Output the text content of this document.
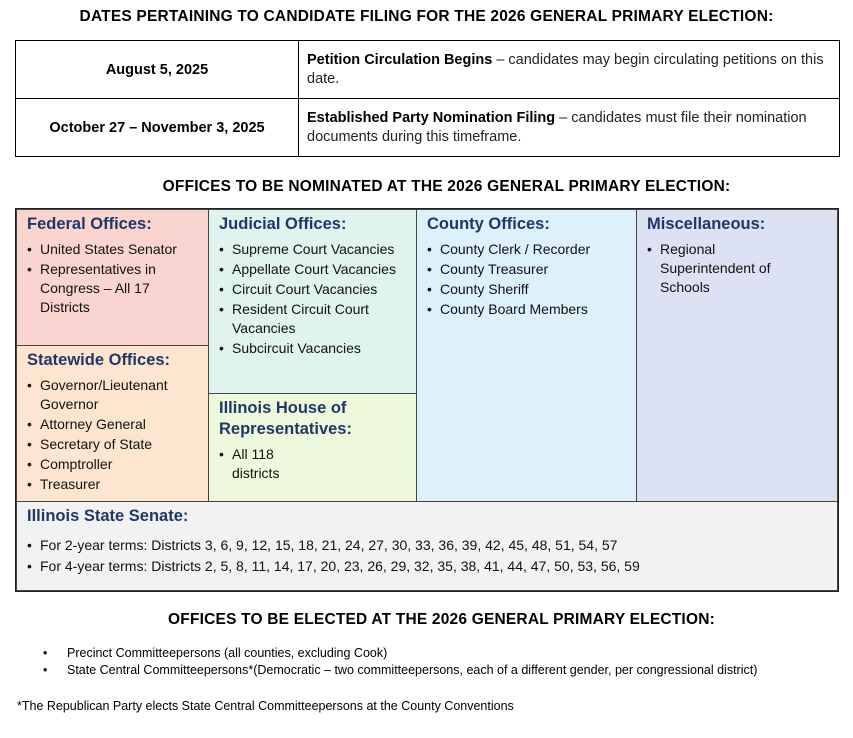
DATES PERTAINING TO CANDIDATE FILING FOR THE 2026 GENERAL PRIMARY ELECTION:
August 5, 2025	Petition Circulation Begins – candidates may begin circulating petitions on this date.
October 27 – November 3, 2025	Established Party Nomination Filing – candidates must file their nomination documents during this timeframe.
OFFICES TO BE NOMINATED AT THE 2026 GENERAL PRIMARY ELECTION:
Federal Offices:
• United States Senator
• Representatives in Congress – All 17 Districts
Statewide Offices:
• Governor/Lieutenant Governor
• Attorney General
• Secretary of State
• Comptroller
• Treasurer
Judicial Offices:
• Supreme Court Vacancies
• Appellate Court Vacancies
• Circuit Court Vacancies
• Resident Circuit Court Vacancies
• Subcircuit Vacancies
Illinois House of Representatives:
• All 118 districts
County Offices:
• County Clerk / Recorder
• County Treasurer
• County Sheriff
• County Board Members
Miscellaneous:
• Regional Superintendent of Schools
Illinois State Senate:
• For 2-year terms: Districts 3, 6, 9, 12, 15, 18, 21, 24, 27, 30, 33, 36, 39, 42, 45, 48, 51, 54, 57
• For 4-year terms: Districts 2, 5, 8, 11, 14, 17, 20, 23, 26, 29, 32, 35, 38, 41, 44, 47, 50, 53, 56, 59
OFFICES TO BE ELECTED AT THE 2026 GENERAL PRIMARY ELECTION:
• Precinct Committeepersons (all counties, excluding Cook)
• State Central Committeepersons*(Democratic – two committeepersons, each of a different gender, per congressional district)
*The Republican Party elects State Central Committeepersons at the County Conventions
